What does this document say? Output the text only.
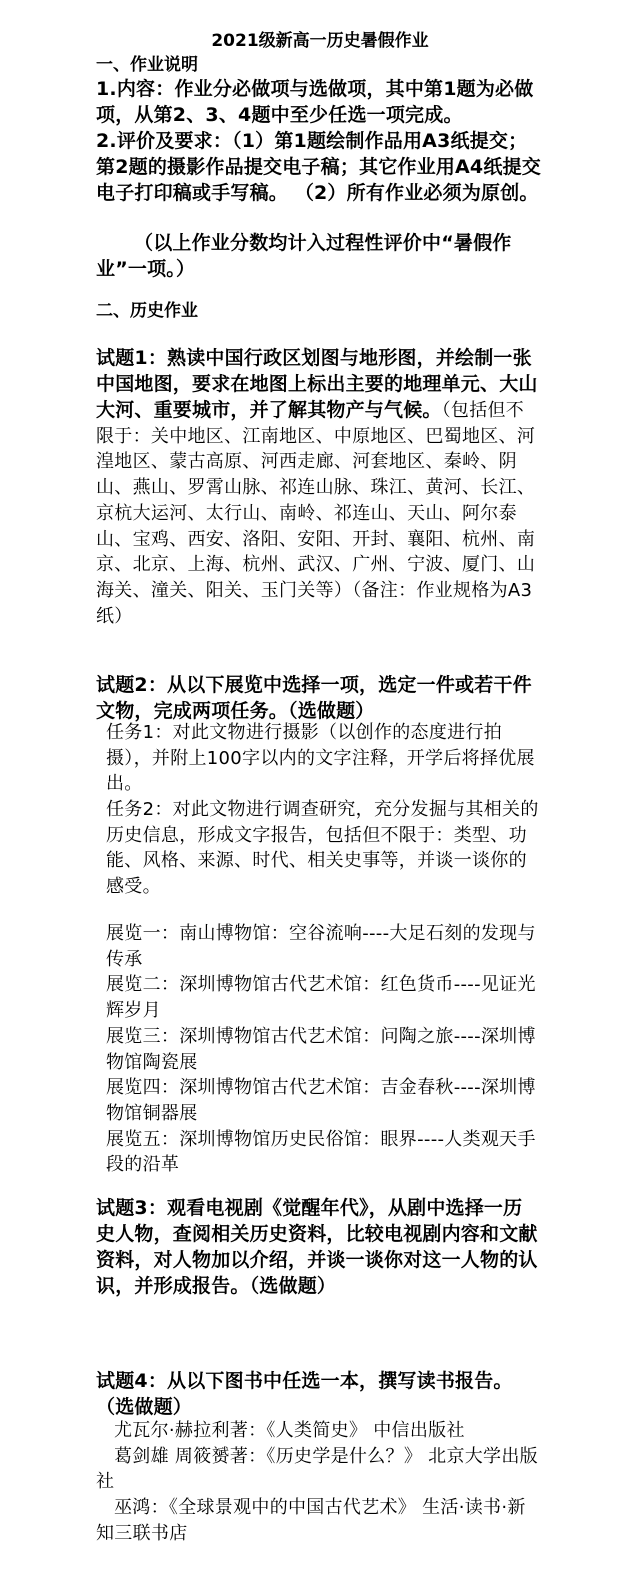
2021级新高一历史暑假作业
一、作业说明
1.内容：作业分必做项与选做项，其中第1题为必做项，从第2、3、4题中至少任选一项完成。
2.评价及要求：（1）第1题绘制作品用A3纸提交；第2题的摄影作品提交电子稿；其它作业用A4纸提交电子打印稿或手写稿。 （2）所有作业必须为原创。
（以上作业分数均计入过程性评价中“暑假作业”一项。）
二、历史作业
试题1：熟读中国行政区划图与地形图，并绘制一张中国地图，要求在地图上标出主要的地理单元、大山大河、重要城市，并了解其物产与气候。（包括但不限于：关中地区、江南地区、中原地区、巴蜀地区、河湟地区、蒙古高原、河西走廊、河套地区、秦岭、阴山、燕山、罗霄山脉、祁连山脉、珠江、黄河、长江、京杭大运河、太行山、南岭、祁连山、天山、阿尔泰山、宝鸡、西安、洛阳、安阳、开封、襄阳、杭州、南京、北京、上海、杭州、武汉、广州、宁波、厦门、山海关、潼关、阳关、玉门关等）（备注：作业规格为A3纸）
试题2：从以下展览中选择一项，选定一件或若干件文物，完成两项任务。（选做题）
任务1：对此文物进行摄影（以创作的态度进行拍摄），并附上100字以内的文字注释，开学后将择优展出。
任务2：对此文物进行调查研究，充分发掘与其相关的历史信息，形成文字报告，包括但不限于：类型、功能、风格、来源、时代、相关史事等，并谈一谈你的感受。

展览一：南山博物馆：空谷流响----大足石刻的发现与传承

展览二：深圳博物馆古代艺术馆：红色货币----见证光辉岁月

展览三：深圳博物馆古代艺术馆：问陶之旅----深圳博物馆陶瓷展

展览四：深圳博物馆古代艺术馆：吉金春秋----深圳博物馆铜器展

展览五：深圳博物馆历史民俗馆：眼界----人类观天手段的沿革

试题3：观看电视剧《觉醒年代》，从剧中选择一历史人物，查阅相关历史资料，比较电视剧内容和文献资料，对人物加以介绍，并谈一谈你对这一人物的认识，并形成报告。（选做题）
试题4：从以下图书中任选一本，撰写读书报告。（选做题）

尤瓦尔·赫拉利著：《人类简史》 中信出版社

葛剑雄 周筱赟著：《历史学是什么？》 北京大学出版社

巫鸿：《全球景观中的中国古代艺术》 生活·读书·新知三联书店
